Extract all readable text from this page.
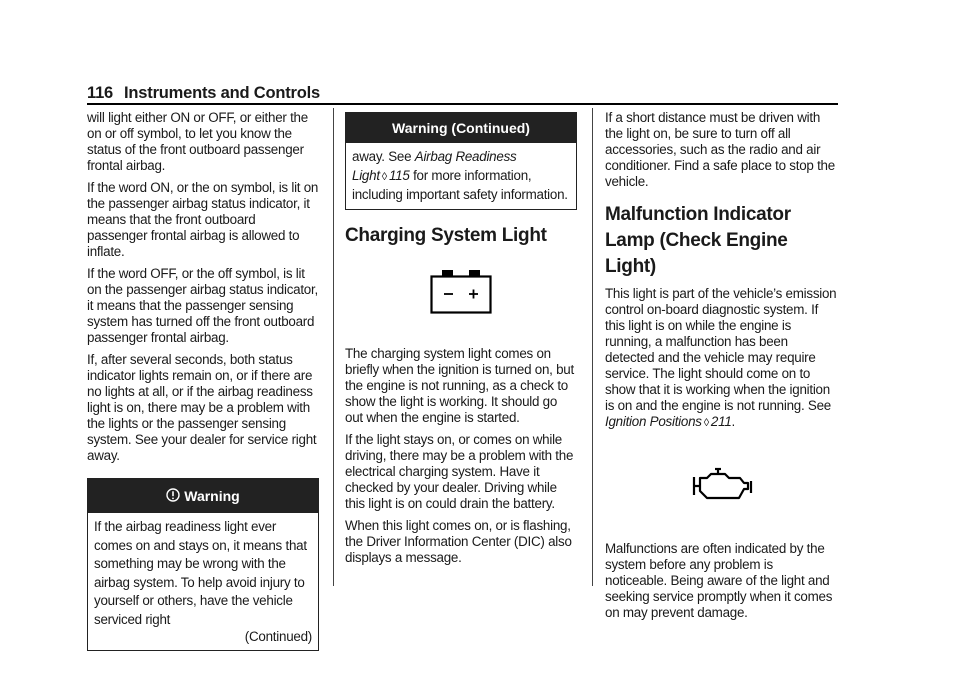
116 Instruments and Controls

will light either ON or OFF, or either the on or off symbol, to let you know the status of the front outboard passenger frontal airbag.

If the word ON, or the on symbol, is lit on the passenger airbag status indicator, it means that the front outboard passenger frontal airbag is allowed to inflate.

If the word OFF, or the off symbol, is lit on the passenger airbag status indicator, it means that the passenger sensing system has turned off the front outboard passenger frontal airbag.

If, after several seconds, both status indicator lights remain on, or if there are no lights at all, or if the airbag readiness light is on, there may be a problem with the lights or the passenger sensing system. See your dealer for service right away.

Warning
If the airbag readiness light ever comes on and stays on, it means that something may be wrong with the airbag system. To help avoid injury to yourself or others, have the vehicle serviced right
(Continued)
Warning (Continued)
away. See Airbag Readiness Light ◊ 115 for more information, including important safety information.
Charging System Light

The charging system light comes on briefly when the ignition is turned on, but the engine is not running, as a check to show the light is working. It should go out when the engine is started.

If the light stays on, or comes on while driving, there may be a problem with the electrical charging system. Have it checked by your dealer. Driving while this light is on could drain the battery.

When this light comes on, or is flashing, the Driver Information Center (DIC) also displays a message.

If a short distance must be driven with the light on, be sure to turn off all accessories, such as the radio and air conditioner. Find a safe place to stop the vehicle.

Malfunction Indicator Lamp (Check Engine Light)

This light is part of the vehicle’s emission control on-board diagnostic system. If this light is on while the engine is running, a malfunction has been detected and the vehicle may require service. The light should come on to show that it is working when the ignition is on and the engine is not running. See Ignition Positions ◊ 211.

Malfunctions are often indicated by the system before any problem is noticeable. Being aware of the light and seeking service promptly when it comes on may prevent damage.
